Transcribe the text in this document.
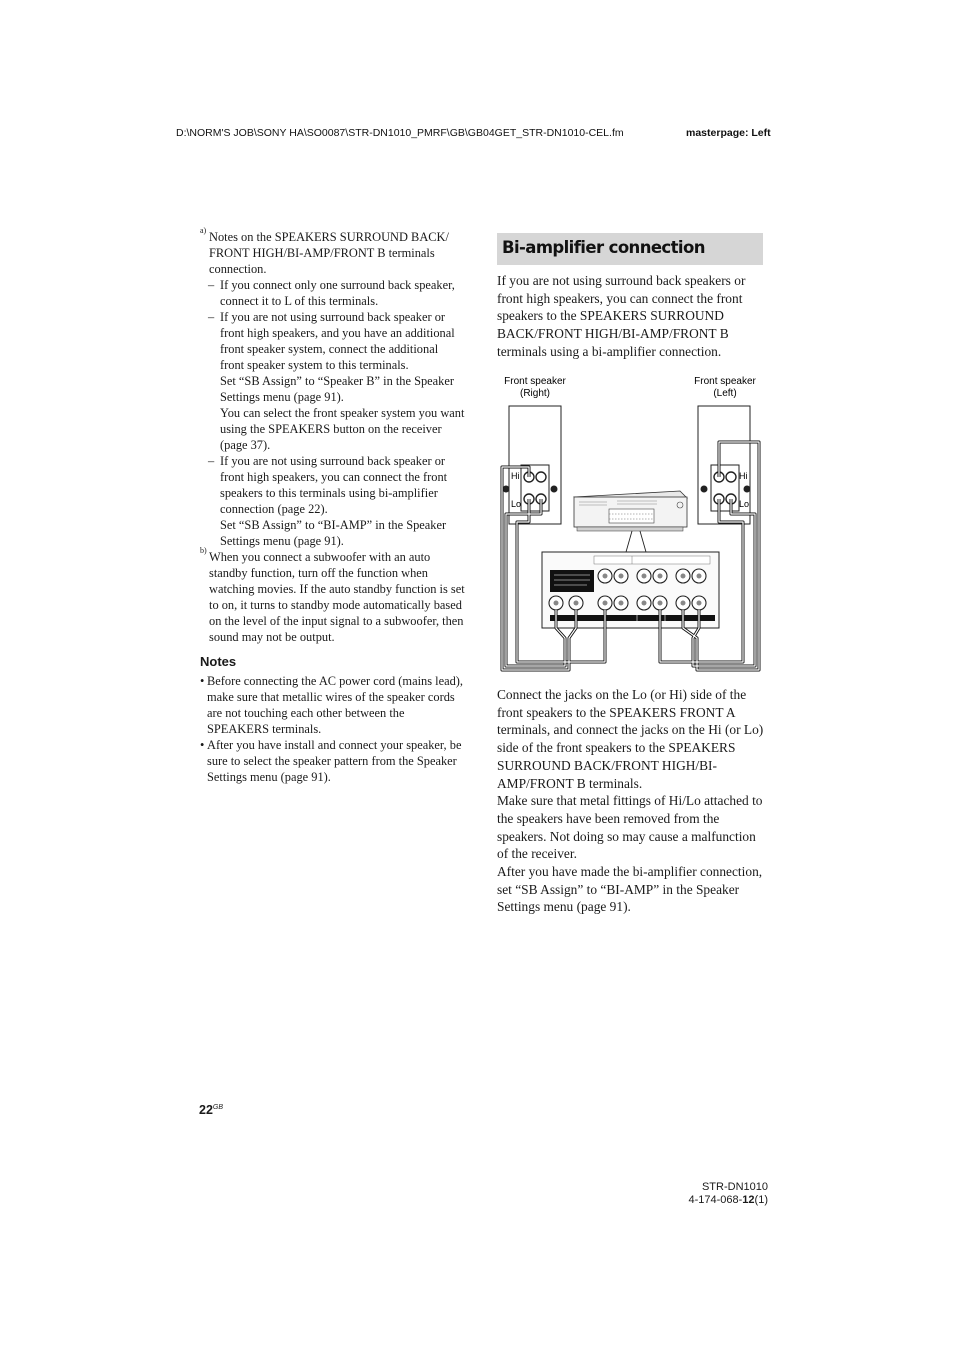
D:\NORM'S JOB\SONY HA\SO0087\STR-DN1010_PMRF\GB\GB04GET_STR-DN1010-CEL.fm	masterpage: Left
a) Notes on the SPEAKERS SURROUND BACK/ FRONT HIGH/BI-AMP/FRONT B terminals connection.
– If you connect only one surround back speaker, connect it to L of this terminals.
– If you are not using surround back speaker or front high speakers, and you have an additional front speaker system, connect the additional front speaker system to this terminals.
Set “SB Assign” to “Speaker B” in the Speaker Settings menu (page 91).
You can select the front speaker system you want using the SPEAKERS button on the receiver (page 37).
– If you are not using surround back speaker or front high speakers, you can connect the front speakers to this terminals using bi-amplifier connection (page 22).
Set “SB Assign” to “BI-AMP” in the Speaker Settings menu (page 91).
b) When you connect a subwoofer with an auto standby function, turn off the function when watching movies. If the auto standby function is set to on, it turns to standby mode automatically based on the level of the input signal to a subwoofer, then sound may not be output.
Notes
• Before connecting the AC power cord (mains lead), make sure that metallic wires of the speaker cords are not touching each other between the SPEAKERS terminals.
• After you have install and connect your speaker, be sure to select the speaker pattern from the Speaker Settings menu (page 91).
Bi-amplifier connection
If you are not using surround back speakers or front high speakers, you can connect the front speakers to the SPEAKERS SURROUND BACK/FRONT HIGH/BI-AMP/FRONT B terminals using a bi-amplifier connection.
Front speaker
(Right)
Front speaker
(Left)
Hi
Lo
Hi
Lo
Connect the jacks on the Lo (or Hi) side of the front speakers to the SPEAKERS FRONT A terminals, and connect the jacks on the Hi (or Lo) side of the front speakers to the SPEAKERS SURROUND BACK/FRONT HIGH/BI-AMP/FRONT B terminals.
Make sure that metal fittings of Hi/Lo attached to the speakers have been removed from the speakers. Not doing so may cause a malfunction of the receiver.
After you have made the bi-amplifier connection, set “SB Assign” to “BI-AMP” in the Speaker Settings menu (page 91).
$22^{GB}$
STR-DN1010
4-174-068-12(1)
